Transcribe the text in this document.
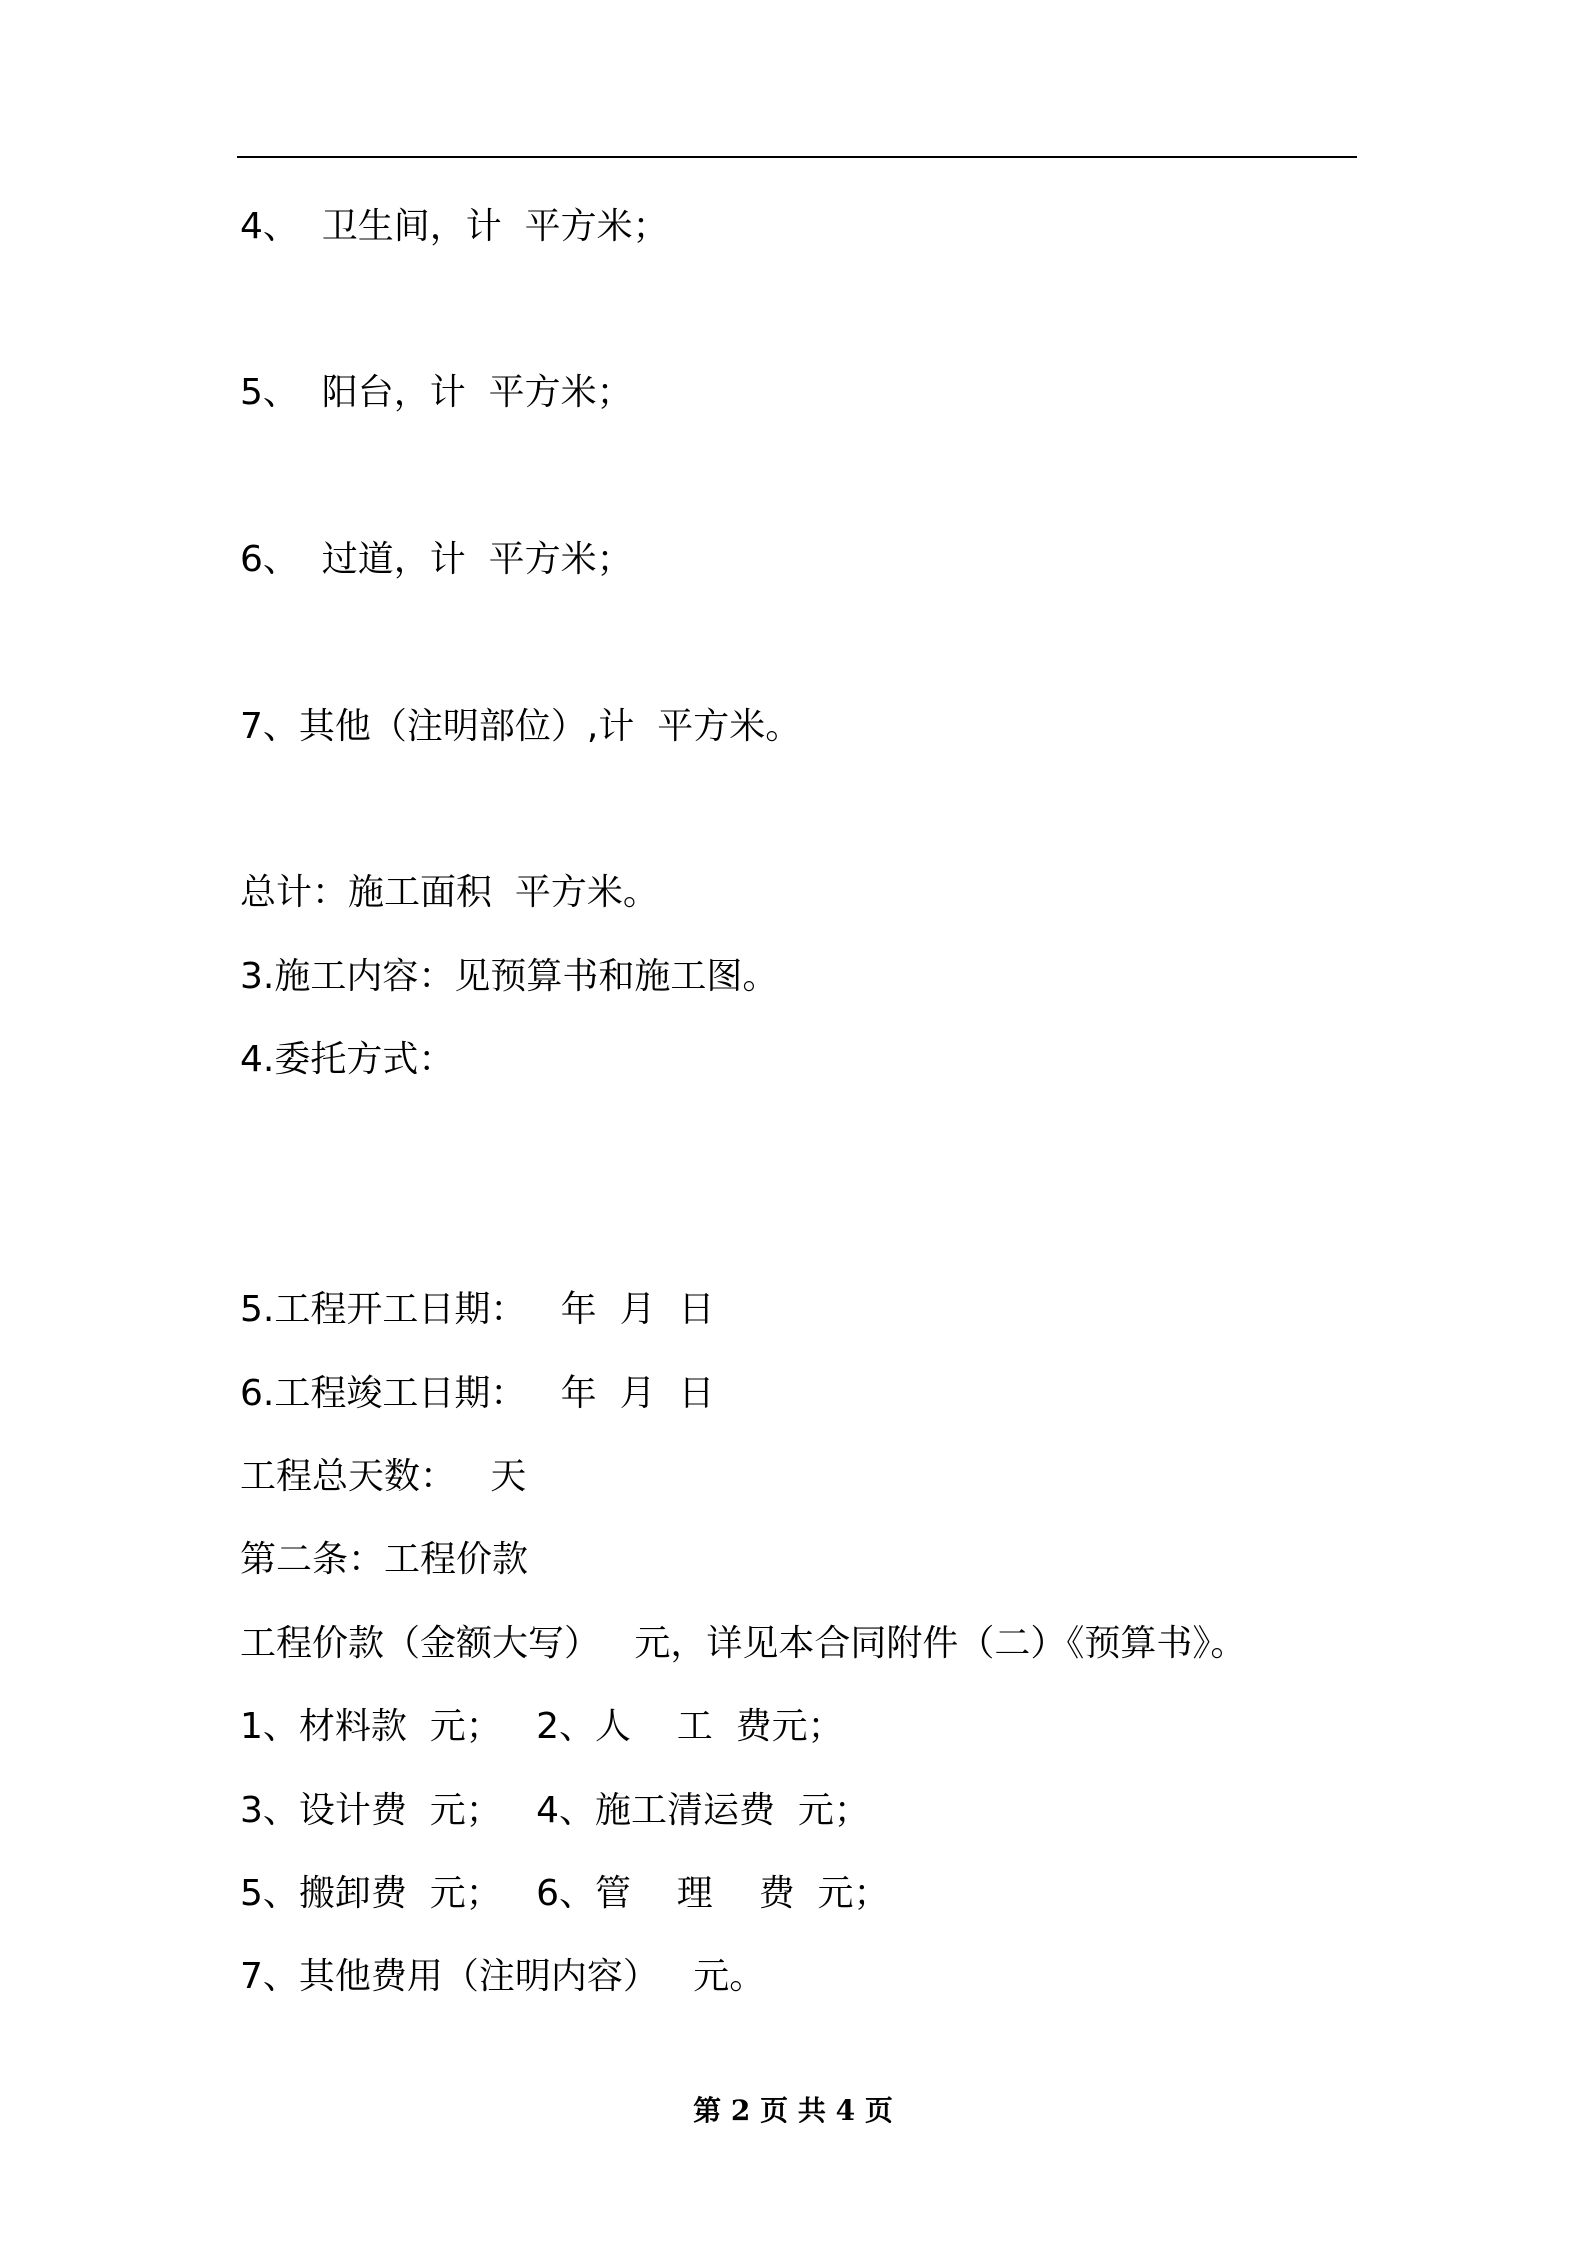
4、  卫生间，计  平方米；
5、  阳台，计  平方米；
6、  过道，计  平方米；
7、其他（注明部位）,计  平方米。
总计：施工面积  平方米。
3.施工内容：见预算书和施工图。
4.委托方式：
5.工程开工日期：   年  月  日
6.工程竣工日期：   年  月  日
工程总天数：   天
第二条：工程价款
工程价款（金额大写）   元，详见本合同附件（二）《预算书》。
1、材料款  元；   2、人    工  费元；
3、设计费  元；   4、施工清运费  元；
5、搬卸费  元；   6、管    理    费  元；
7、其他费用（注明内容）   元。
第 2 页 共 4 页
